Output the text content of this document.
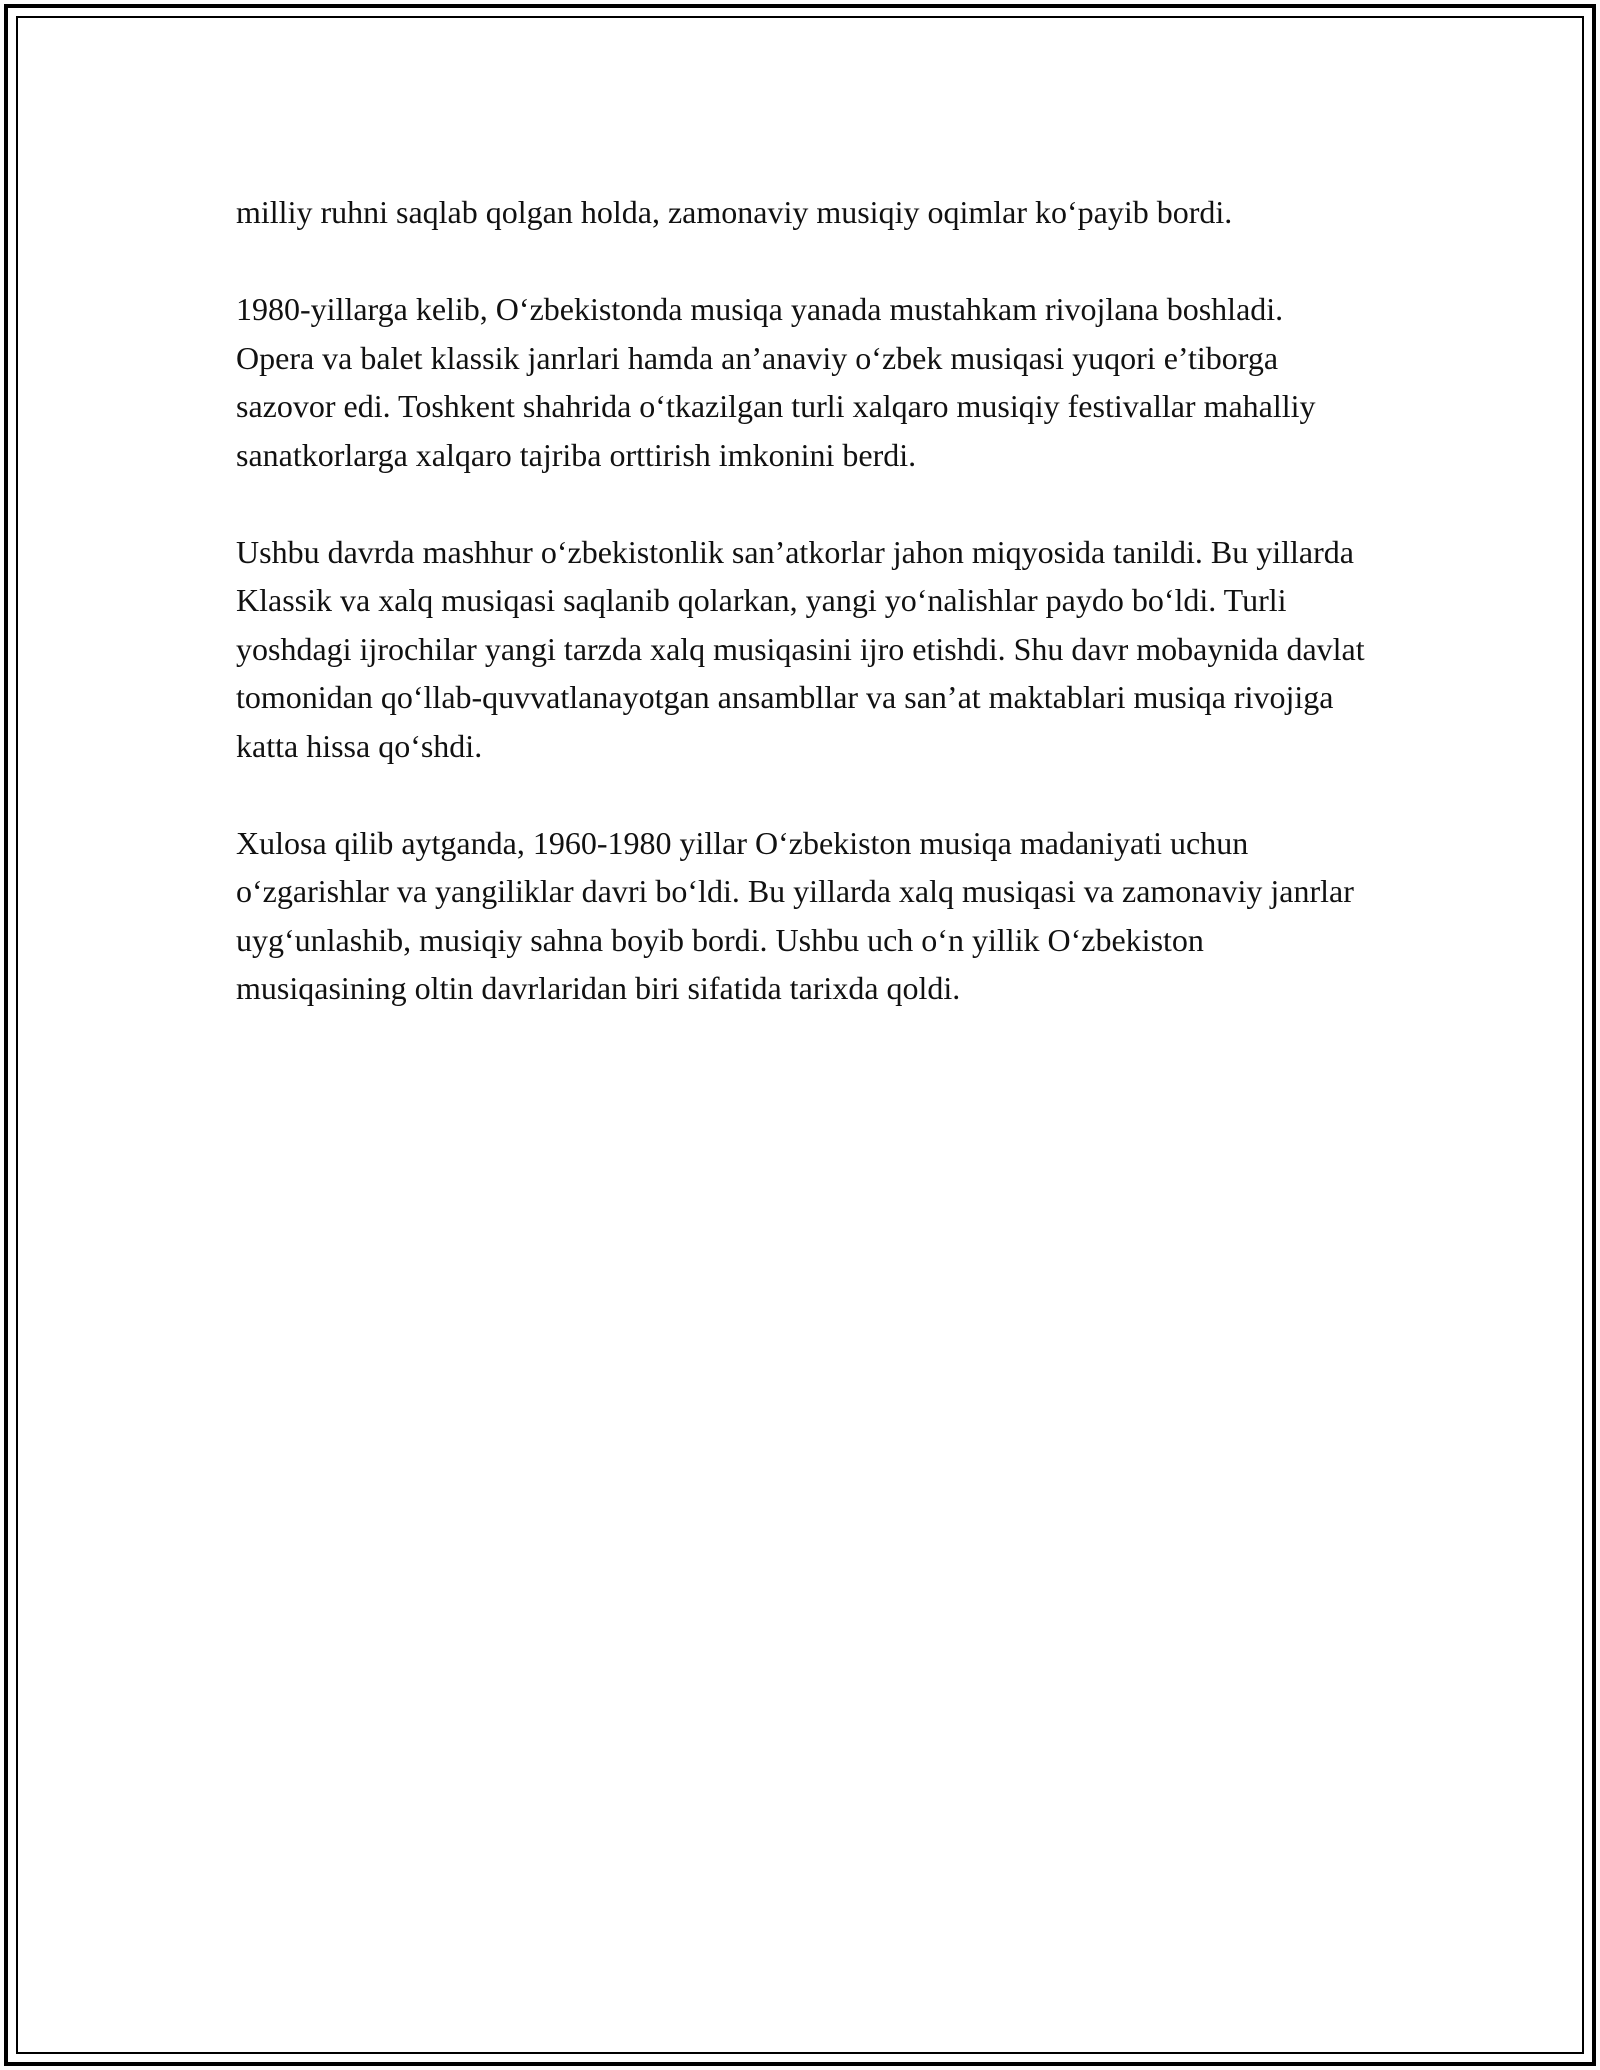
milliy ruhni saqlab qolgan holda, zamonaviy musiqiy oqimlar ko‘payib bordi.

1980-yillarga kelib, O‘zbekistonda musiqa yanada mustahkam rivojlana boshladi. Opera va balet klassik janrlari hamda an’anaviy o‘zbek musiqasi yuqori e’tiborga sazovor edi. Toshkent shahrida o‘tkazilgan turli xalqaro musiqiy festivallar mahalliy sanatkorlarga xalqaro tajriba orttirish imkonini berdi.

Ushbu davrda mashhur o‘zbekistonlik san’atkorlar jahon miqyosida tanildi. Bu yillarda Klassik va xalq musiqasi saqlanib qolarkan, yangi yo‘nalishlar paydo bo‘ldi. Turli yoshdagi ijrochilar yangi tarzda xalq musiqasini ijro etishdi. Shu davr mobaynida davlat tomonidan qo‘llab-quvvatlanayotgan ansambllar va san’at maktablari musiqa rivojiga katta hissa qo‘shdi.

Xulosa qilib aytganda, 1960-1980 yillar O‘zbekiston musiqa madaniyati uchun o‘zgarishlar va yangiliklar davri bo‘ldi. Bu yillarda xalq musiqasi va zamonaviy janrlar uyg‘unlashib, musiqiy sahna boyib bordi. Ushbu uch o‘n yillik O‘zbekiston musiqasining oltin davrlaridan biri sifatida tarixda qoldi.
